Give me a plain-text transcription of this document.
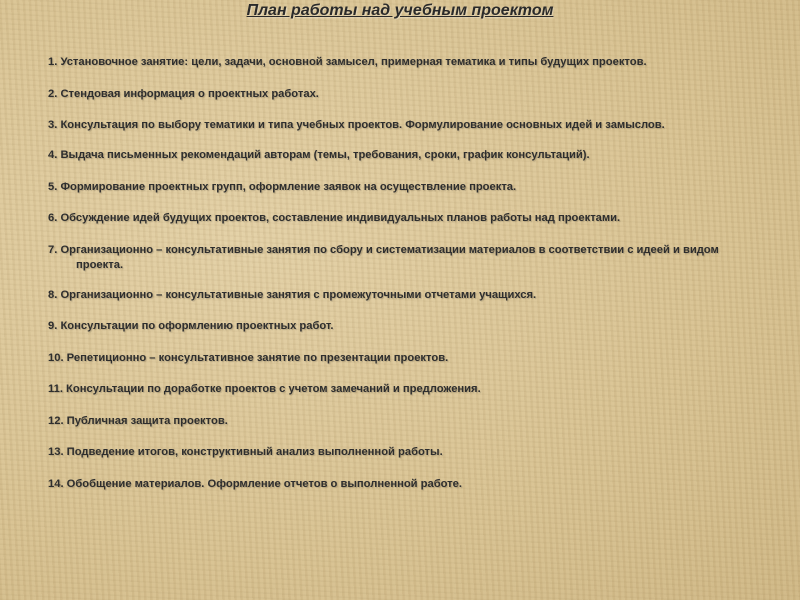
План работы над учебным проектом
1. Установочное занятие: цели, задачи, основной замысел, примерная тематика и типы будущих проектов.
2. Стендовая информация о проектных работах.
3. Консультация по выбору тематики и типа учебных проектов. Формулирование основных идей и замыслов.
4. Выдача письменных рекомендаций авторам (темы, требования, сроки, график консультаций).
5. Формирование проектных групп, оформление заявок на осуществление проекта.
6. Обсуждение идей будущих проектов, составление индивидуальных планов работы над проектами.
7. Организационно – консультативные занятия по сбору и систематизации материалов в соответствии с идеей и видом проекта.
8. Организационно – консультативные занятия с промежуточными отчетами учащихся.
9. Консультации по оформлению проектных работ.
10. Репетиционно – консультативное занятие по презентации проектов.
11. Консультации по доработке проектов с учетом замечаний и предложения.
12. Публичная защита проектов.
13. Подведение итогов, конструктивный анализ выполненной работы.
14. Обобщение материалов. Оформление отчетов о выполненной работе.
